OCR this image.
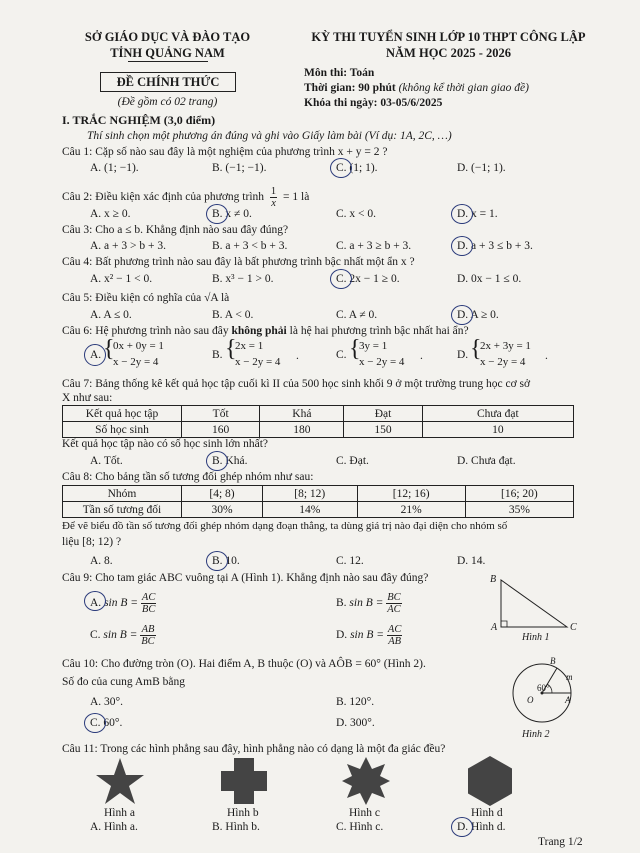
SỞ GIÁO DỤC VÀ ĐÀO TẠO
TỈNH QUẢNG NAM
ĐỀ CHÍNH THỨC
(Đề gồm có 02 trang)
KỲ THI TUYỂN SINH LỚP 10 THPT CÔNG LẬP
NĂM HỌC 2025 - 2026
Môn thi: Toán
Thời gian: 90 phút (không kể thời gian giao đề)
Khóa thi ngày: 03-05/6/2025
I. TRẮC NGHIỆM (3,0 điểm)
Thí sinh chọn một phương án đúng và ghi vào Giấy làm bài (Ví dụ: 1A, 2C, …)
Câu 1: Cặp số nào sau đây là một nghiệm của phương trình x + y = 2 ?
A. (1; −1).	B. (−1; −1).	C. (1; 1).	D. (−1; 1).
Câu 2: Điều kiện xác định của phương trình $\frac{1}{x} = 1$ là
A. x ≥ 0.	B. x ≠ 0.	C. x < 0.	D. x = 1.
Câu 3: Cho a ≤ b. Khẳng định nào sau đây đúng?
A. a + 3 > b + 3.	B. a + 3 < b + 3.	C. a + 3 ≥ b + 3.	D. a + 3 ≤ b + 3.
Câu 4: Bất phương trình nào sau đây là bất phương trình bậc nhất một ẩn x ?
A. x² − 1 < 0.	B. x³ − 1 > 0.	C. 2x − 1 ≥ 0.	D. 0x − 1 ≤ 0.
Câu 5: Điều kiện có nghĩa của √A là
A. A ≤ 0.	B. A < 0.	C. A ≠ 0.	D. A ≥ 0.
Câu 6: Hệ phương trình nào sau đây không phải là hệ hai phương trình bậc nhất hai ẩn?
A. {
0x + 0y = 1
x − 2y = 4
B. {
2x = 1
x − 2y = 4 .	C. {
3y = 1
x − 2y = 4 .	D. {
2x + 3y = 1
x − 2y = 4 .
Câu 7: Bảng thống kê kết quả học tập cuối kì II của 500 học sinh khối 9 ở một trường trung học cơ sở
X như sau:
Kết quả học tập	Tốt	Khá	Đạt	Chưa đạt
Số học sinh	160	180	150	10
Kết quả học tập nào có số học sinh lớn nhất?
A. Tốt.	B. Khá.	C. Đạt.	D. Chưa đạt.
Câu 8: Cho bảng tần số tương đối ghép nhóm như sau:
Nhóm	[4; 8)	[8; 12)	[12; 16)	[16; 20)
Tần số tương đối	30%	14%	21%	35%
Để vẽ biểu đồ tần số tương đối ghép nhóm dạng đoạn thẳng, ta dùng giá trị nào đại diện cho nhóm số
liệu [8; 12) ?
A. 8.	B. 10.	C. 12.	D. 14.
Câu 9: Cho tam giác ABC vuông tại A (Hình 1). Khẳng định nào sau đây đúng?
A. $\sin B = \frac{AC}{BC}$	B. $\sin B = \frac{BC}{AC}$
C. $\sin B = \frac{AB}{BC}$	D. $\sin B = \frac{AC}{AB}$
B
A	C
Hình 1
Câu 10: Cho đường tròn (O). Hai điểm A, B thuộc (O) và AÔB = 60° (Hình 2).
Số đo của cung AmB bằng
A. 30°.	B. 120°.
C. 60°.	D. 300°.
B
m
60°
O	A
Hình 2
Câu 11: Trong các hình phẳng sau đây, hình phẳng nào có dạng là một đa giác đều?
Hình a	Hình b	Hình c	Hình d
A. Hình a.	B. Hình b.	C. Hình c.	D. Hình d.
Trang 1/2
